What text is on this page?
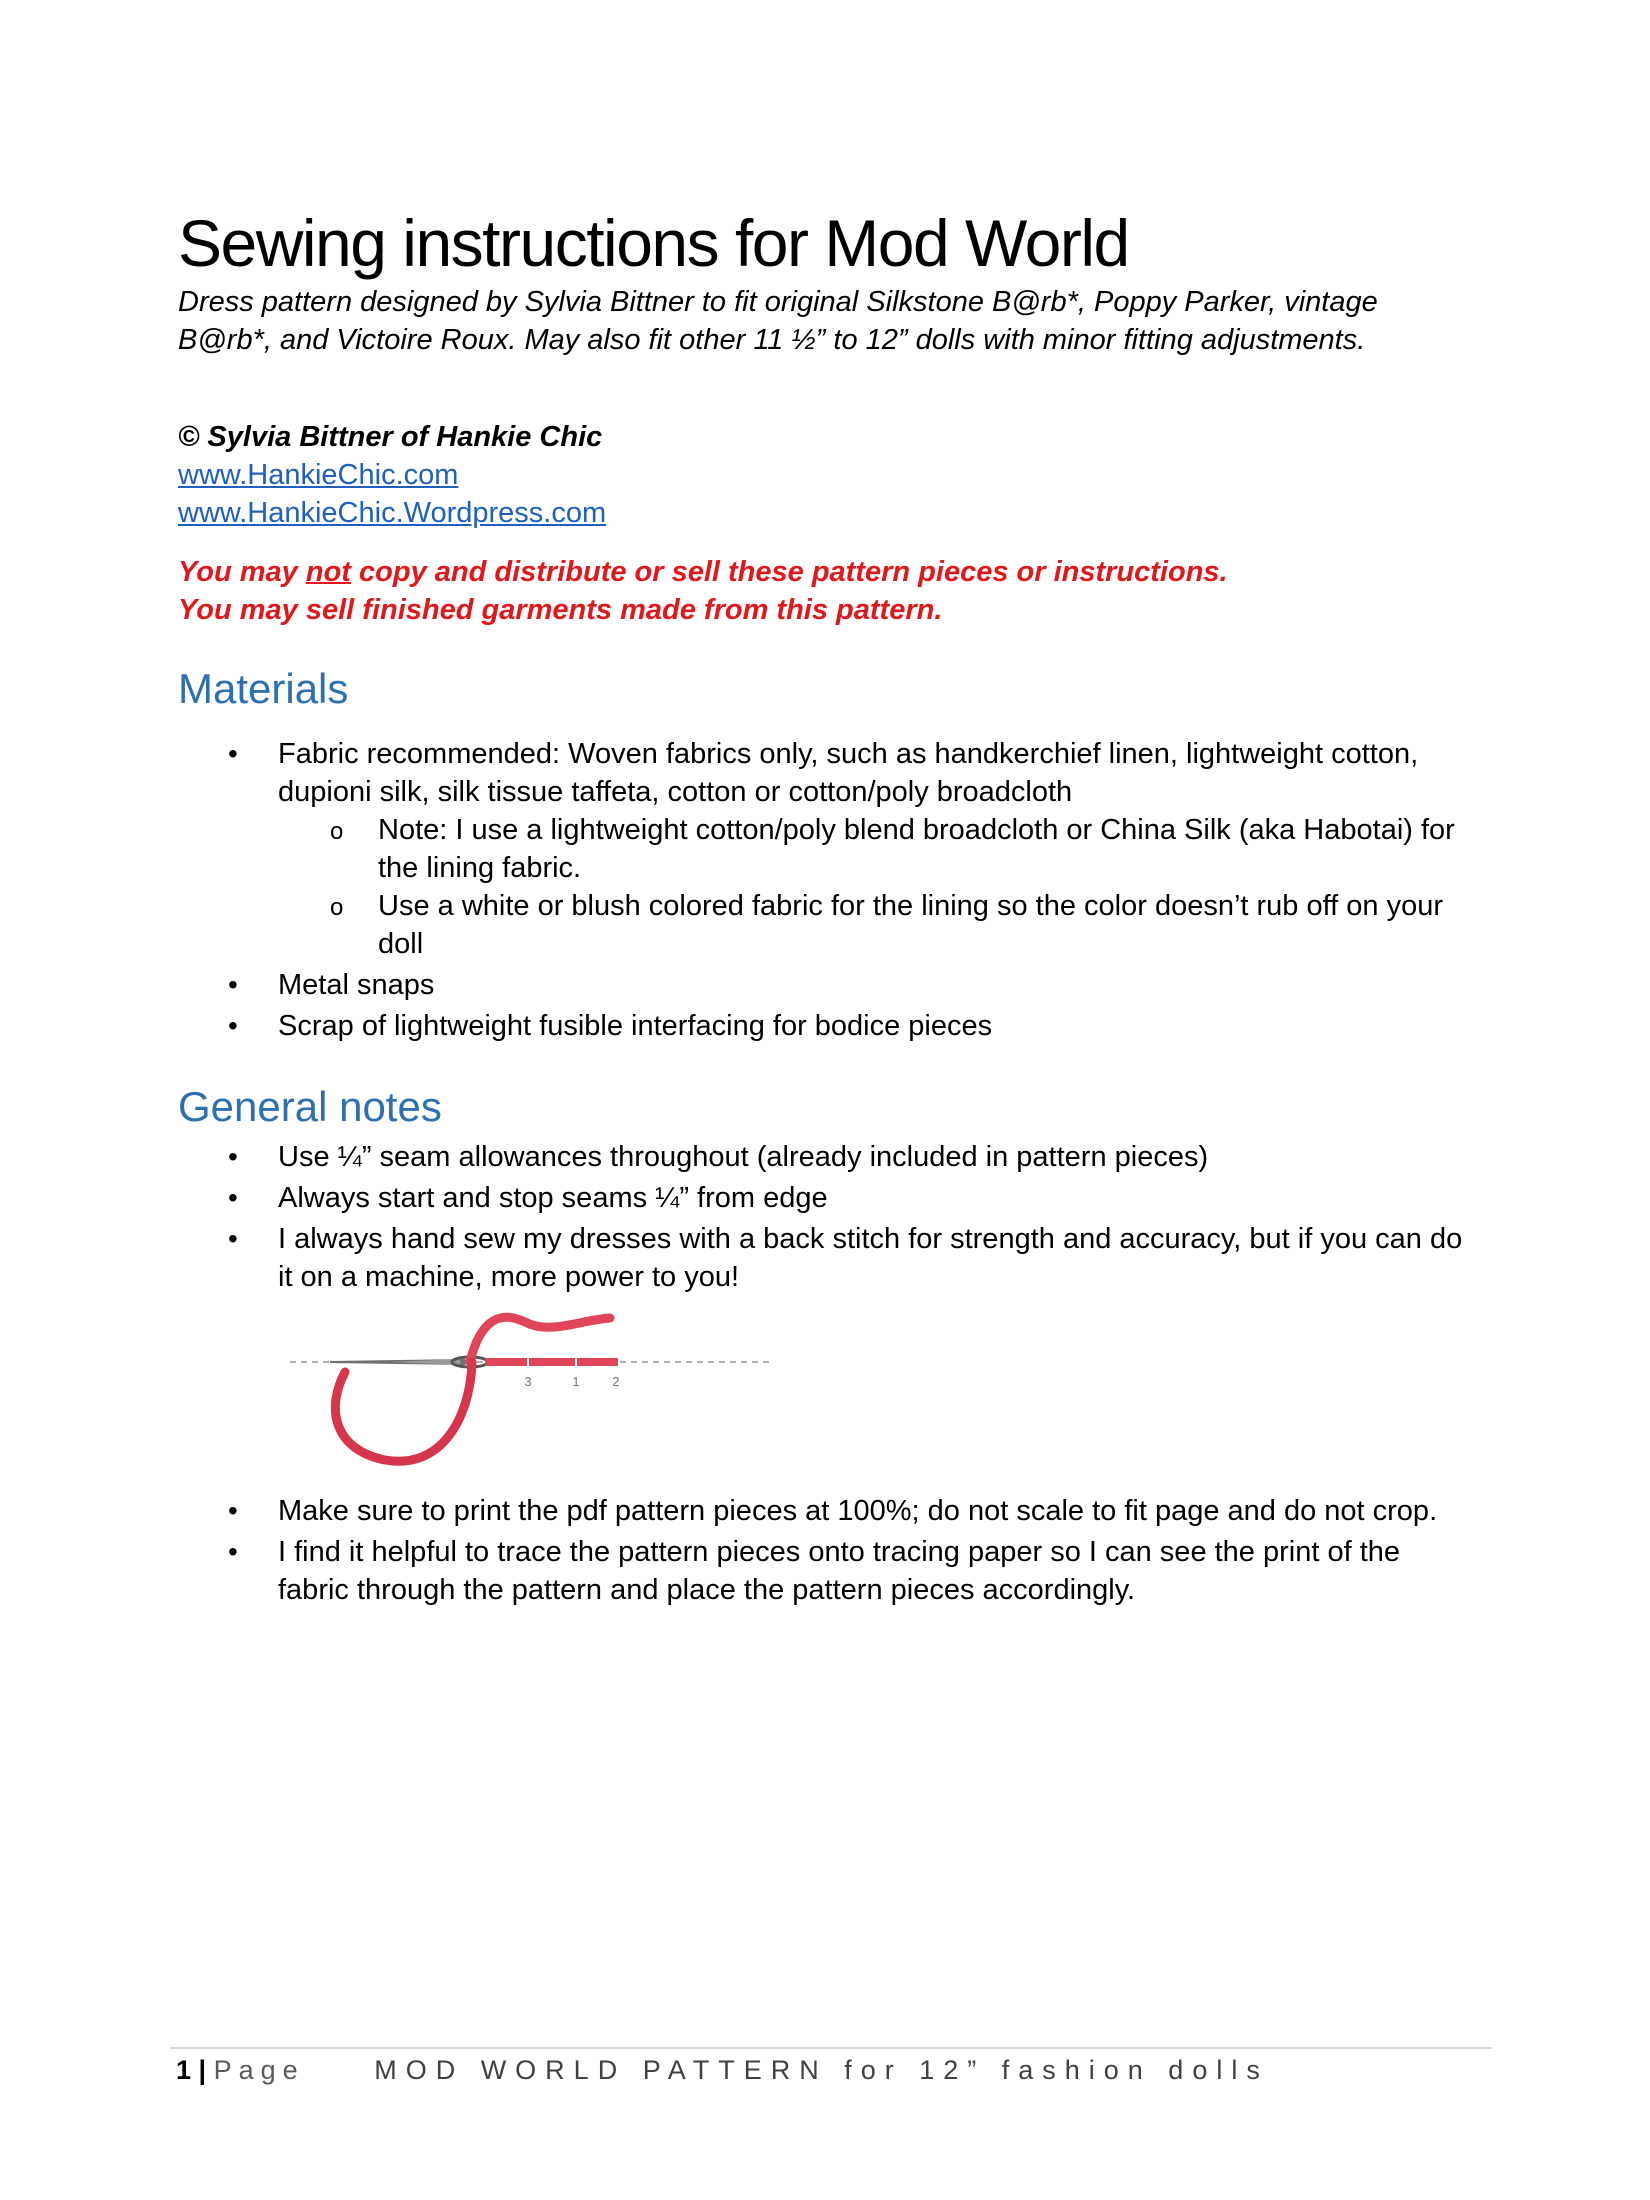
Sewing instructions for Mod World

Dress pattern designed by Sylvia Bittner to fit original Silkstone B@rb*, Poppy Parker, vintage B@rb*, and Victoire Roux. May also fit other 11 ½” to 12” dolls with minor fitting adjustments.

© Sylvia Bittner of Hankie Chic

www.HankieChic.com
www.HankieChic.Wordpress.com

You may not copy and distribute or sell these pattern pieces or instructions.

You may sell finished garments made from this pattern.

Materials
• Fabric recommended: Woven fabrics only, such as handkerchief linen, lightweight cotton, dupioni silk, silk tissue taffeta, cotton or cotton/poly broadcloth
o Note: I use a lightweight cotton/poly blend broadcloth or China Silk (aka Habotai) for the lining fabric.
o Use a white or blush colored fabric for the lining so the color doesn’t rub off on your doll
• Metal snaps
• Scrap of lightweight fusible interfacing for bodice pieces
General notes
• Use ¼” seam allowances throughout (already included in pattern pieces)
• Always start and stop seams ¼” from edge
• I always hand sew my dresses with a back stitch for strength and accuracy, but if you can do it on a machine, more power to you!
3	1	2
• Make sure to print the pdf pattern pieces at 100%; do not scale to fit page and do not crop.
• I find it helpful to trace the pattern pieces onto tracing paper so I can see the print of the fabric through the pattern and place the pattern pieces accordingly.
1 | Page	MOD WORLD PATTERN for 12” fashion dolls
